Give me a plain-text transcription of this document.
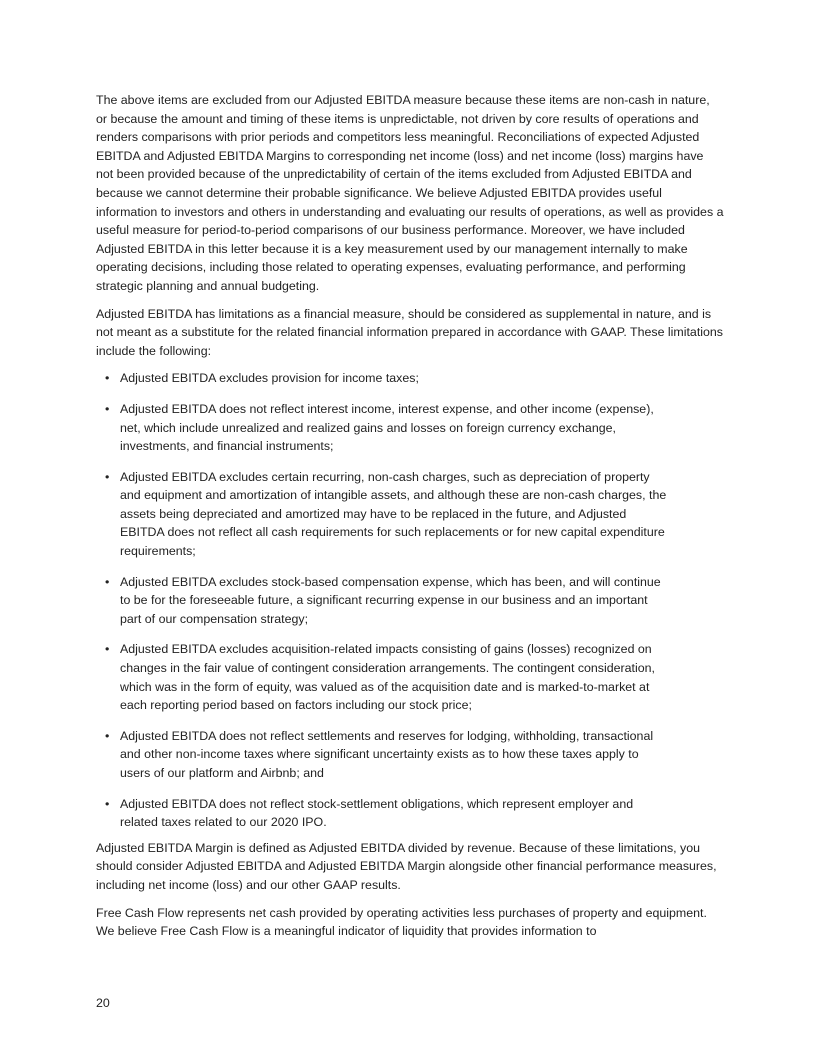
The above items are excluded from our Adjusted EBITDA measure because these items are non-cash in nature, or because the amount and timing of these items is unpredictable, not driven by core results of operations and renders comparisons with prior periods and competitors less meaningful. Reconciliations of expected Adjusted EBITDA and Adjusted EBITDA Margins to corresponding net income (loss) and net income (loss) margins have not been provided because of the unpredictability of certain of the items excluded from Adjusted EBITDA and because we cannot determine their probable significance. We believe Adjusted EBITDA provides useful information to investors and others in understanding and evaluating our results of operations, as well as provides a useful measure for period-to-period comparisons of our business performance. Moreover, we have included Adjusted EBITDA in this letter because it is a key measurement used by our management internally to make operating decisions, including those related to operating expenses, evaluating performance, and performing strategic planning and annual budgeting.

Adjusted EBITDA has limitations as a financial measure, should be considered as supplemental in nature, and is not meant as a substitute for the related financial information prepared in accordance with GAAP. These limitations include the following:

• Adjusted EBITDA excludes provision for income taxes;
• Adjusted EBITDA does not reflect interest income, interest expense, and other income (expense), net, which include unrealized and realized gains and losses on foreign currency exchange, investments, and financial instruments;
• Adjusted EBITDA excludes certain recurring, non-cash charges, such as depreciation of property and equipment and amortization of intangible assets, and although these are non-cash charges, the assets being depreciated and amortized may have to be replaced in the future, and Adjusted EBITDA does not reflect all cash requirements for such replacements or for new capital expenditure requirements;
• Adjusted EBITDA excludes stock-based compensation expense, which has been, and will continue to be for the foreseeable future, a significant recurring expense in our business and an important part of our compensation strategy;
• Adjusted EBITDA excludes acquisition-related impacts consisting of gains (losses) recognized on changes in the fair value of contingent consideration arrangements. The contingent consideration, which was in the form of equity, was valued as of the acquisition date and is marked-to-market at each reporting period based on factors including our stock price;
• Adjusted EBITDA does not reflect settlements and reserves for lodging, withholding, transactional and other non-income taxes where significant uncertainty exists as to how these taxes apply to users of our platform and Airbnb; and
• Adjusted EBITDA does not reflect stock-settlement obligations, which represent employer and related taxes related to our 2020 IPO.

Adjusted EBITDA Margin is defined as Adjusted EBITDA divided by revenue. Because of these limitations, you should consider Adjusted EBITDA and Adjusted EBITDA Margin alongside other financial performance measures, including net income (loss) and our other GAAP results.

Free Cash Flow represents net cash provided by operating activities less purchases of property and equipment. We believe Free Cash Flow is a meaningful indicator of liquidity that provides information to

20
